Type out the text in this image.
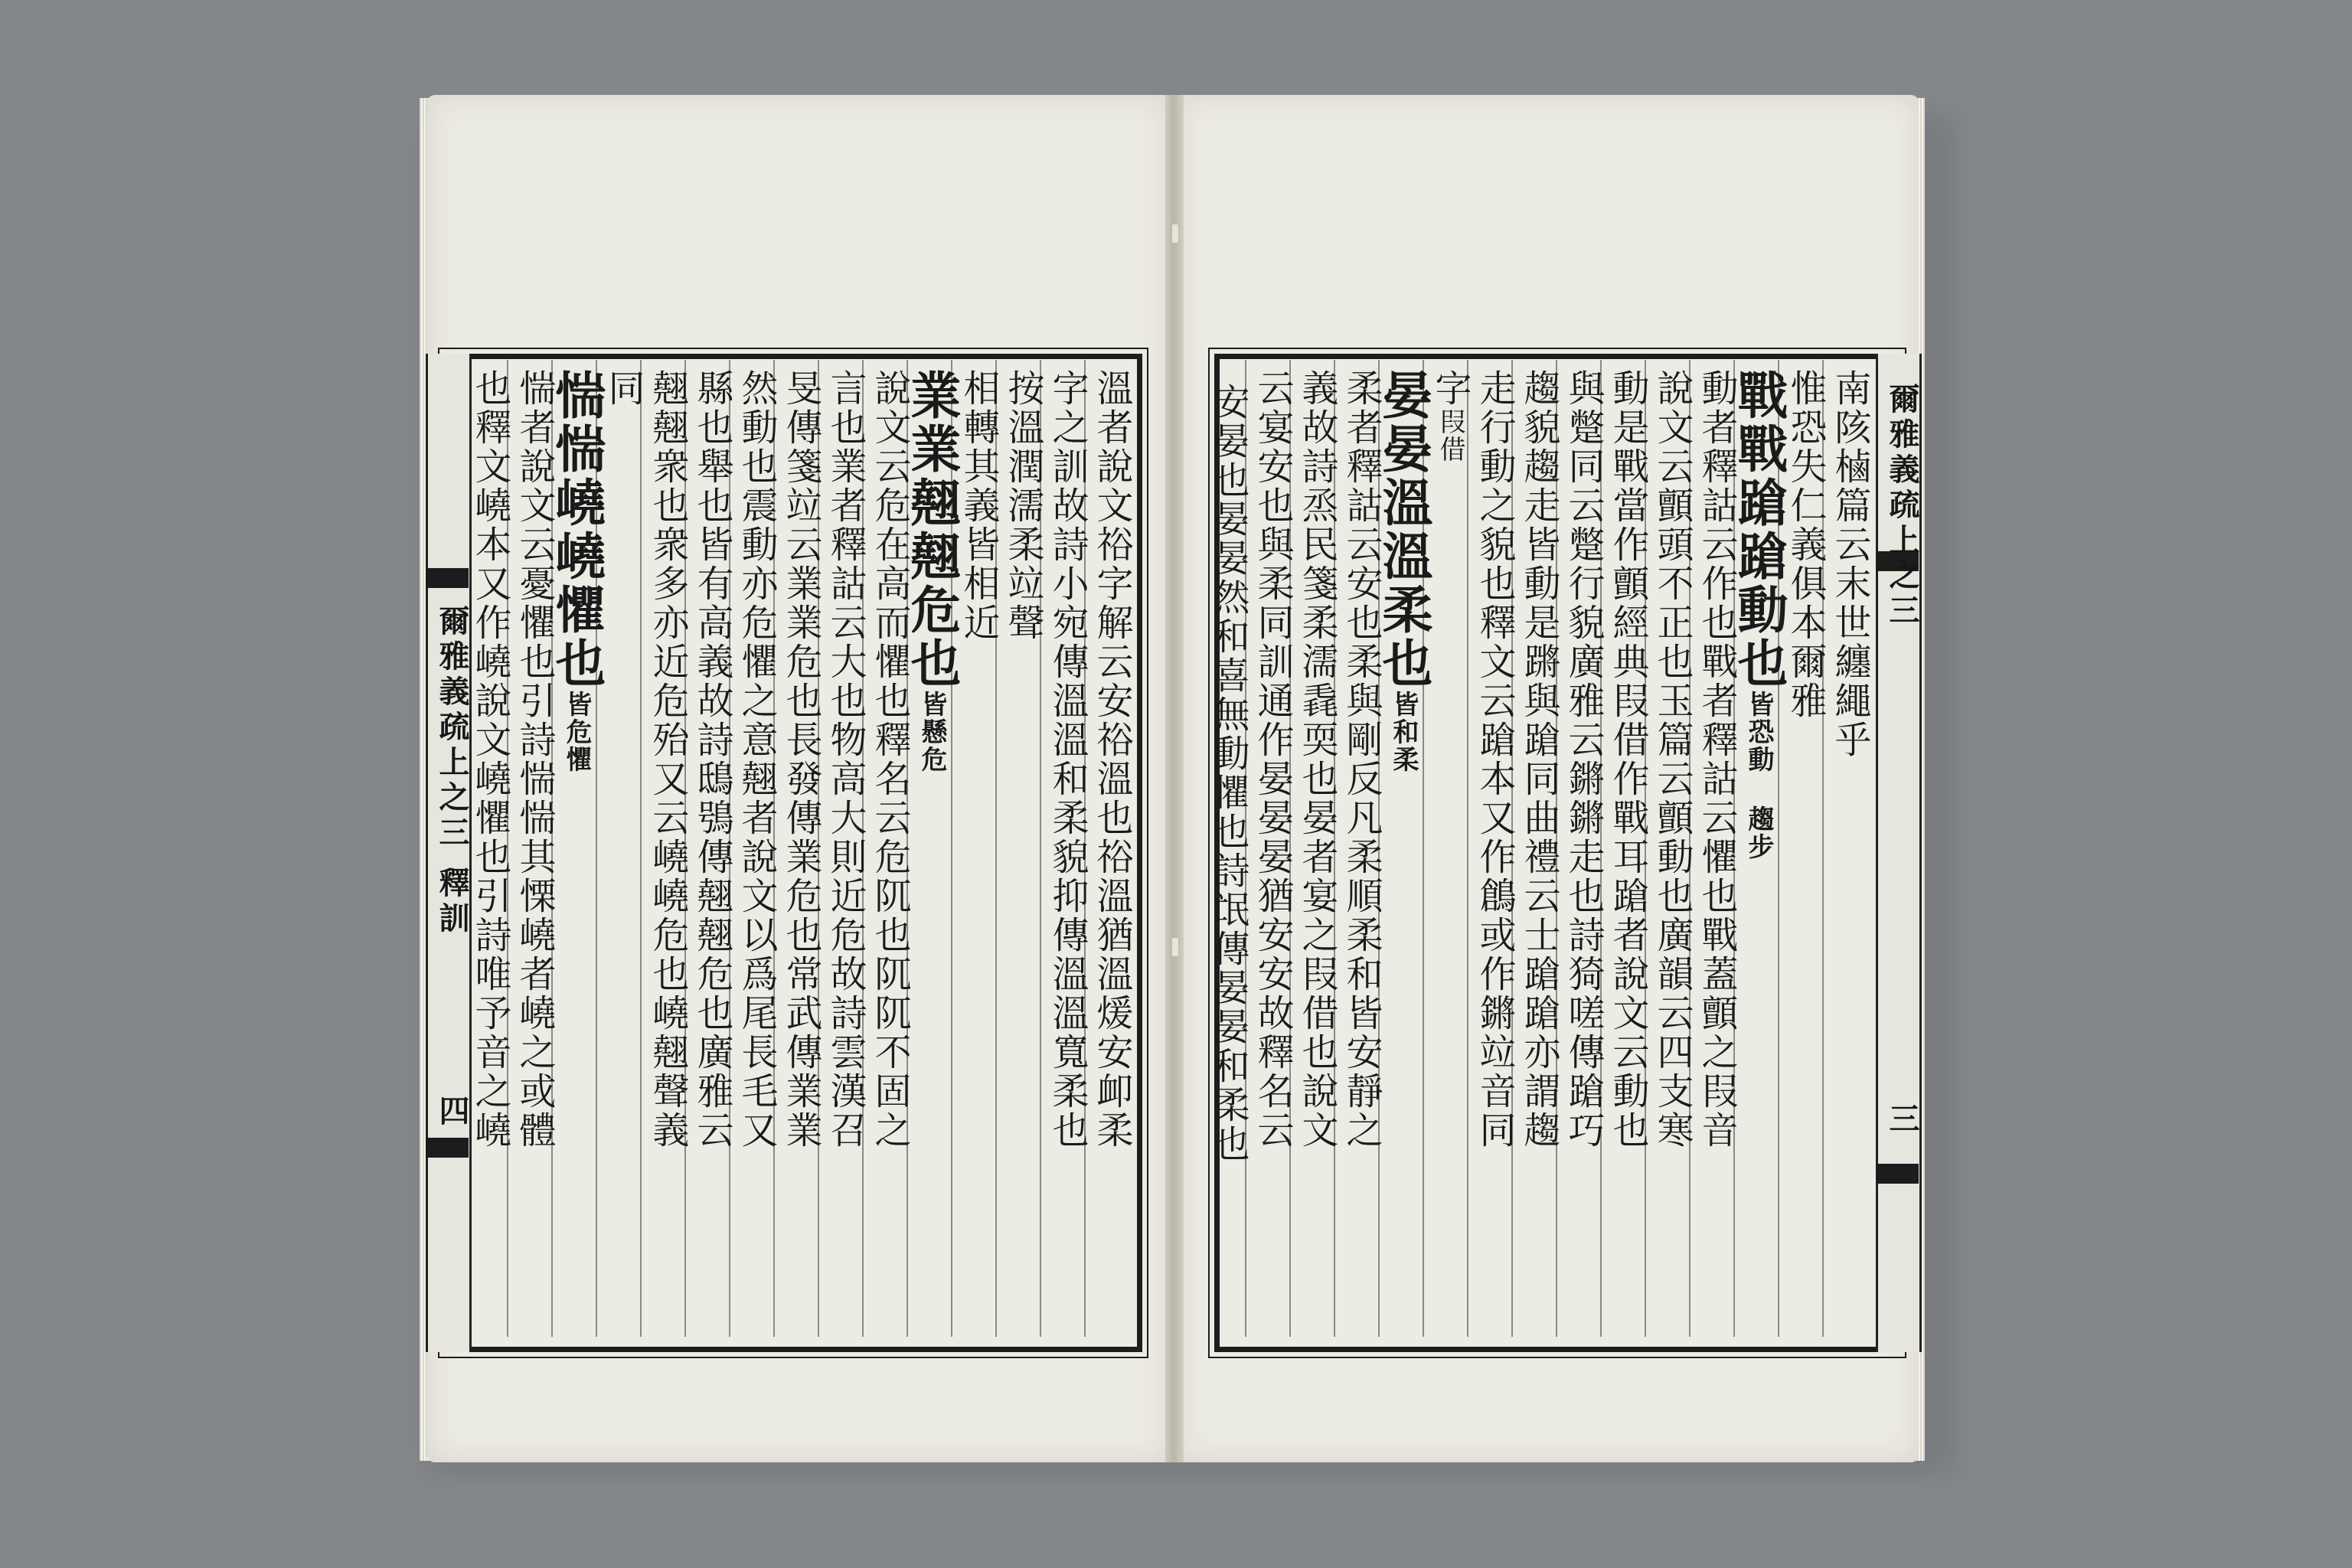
爾雅義疏上之三 釋訓
四
爾雅義疏上之三
三
南陔樐篇云末世纏繩乎
惟恐失仁義俱本爾雅
戰戰蹌蹌動也皆恐動 趨步
動者釋詁云作也戰者釋詁云懼也戰蓋顫之叚音
說文云顫頭不正也玉篇云顫動也廣韻云四支寒
動是戰當作顫經典叚借作戰耳蹌者說文云動也
與蹩同云蹩行貌廣雅云鏘鏘走也詩猗嗟傳蹌巧
趨貌趨走皆動是蹡與蹌同曲禮云士蹌蹌亦謂趨
走行動之貌也釋文云蹌本又作鶬或作鏘竝音同
字叚借
晏晏溫溫柔也皆和柔
柔者釋詁云安也柔與剛反凡柔順柔和皆安靜之
義故詩烝民箋柔濡毳耎也晏者宴之叚借也說文
云宴安也與柔同訓通作晏晏晏猶安安故釋名云
安晏也晏晏然和喜無動懼也詩氓傳晏晏和柔也
溫者說文𥙿字解云安𥙿溫也𥙿溫猶溫煖安卹柔
字之訓故詩小宛傳溫溫和柔貌抑傳溫溫寬柔也
按溫潤濡柔竝聲
相轉其義皆相近
業業翹翹危也皆懸危
說文云危在高而懼也釋名云危阢也阢阢不固之
言也業者釋詁云大也物高大則近危故詩雲漢召
旻傳箋竝云業業危也長發傳業危也常武傳業業
然動也震動亦危懼之意翹者說文以爲尾長毛又
縣也舉也皆有高義故詩鴟鴞傳翹翹危也廣雅云
翹翹衆也衆多亦近危殆又云嶢嶢危也嶢翹聲義
同
惴惴嶢嶢懼也皆危懼
惴者說文云憂懼也引詩惴惴其慄嶢者嶢之或體
也釋文嶢本又作嶢說文嶢懼也引詩唯予音之嶢
